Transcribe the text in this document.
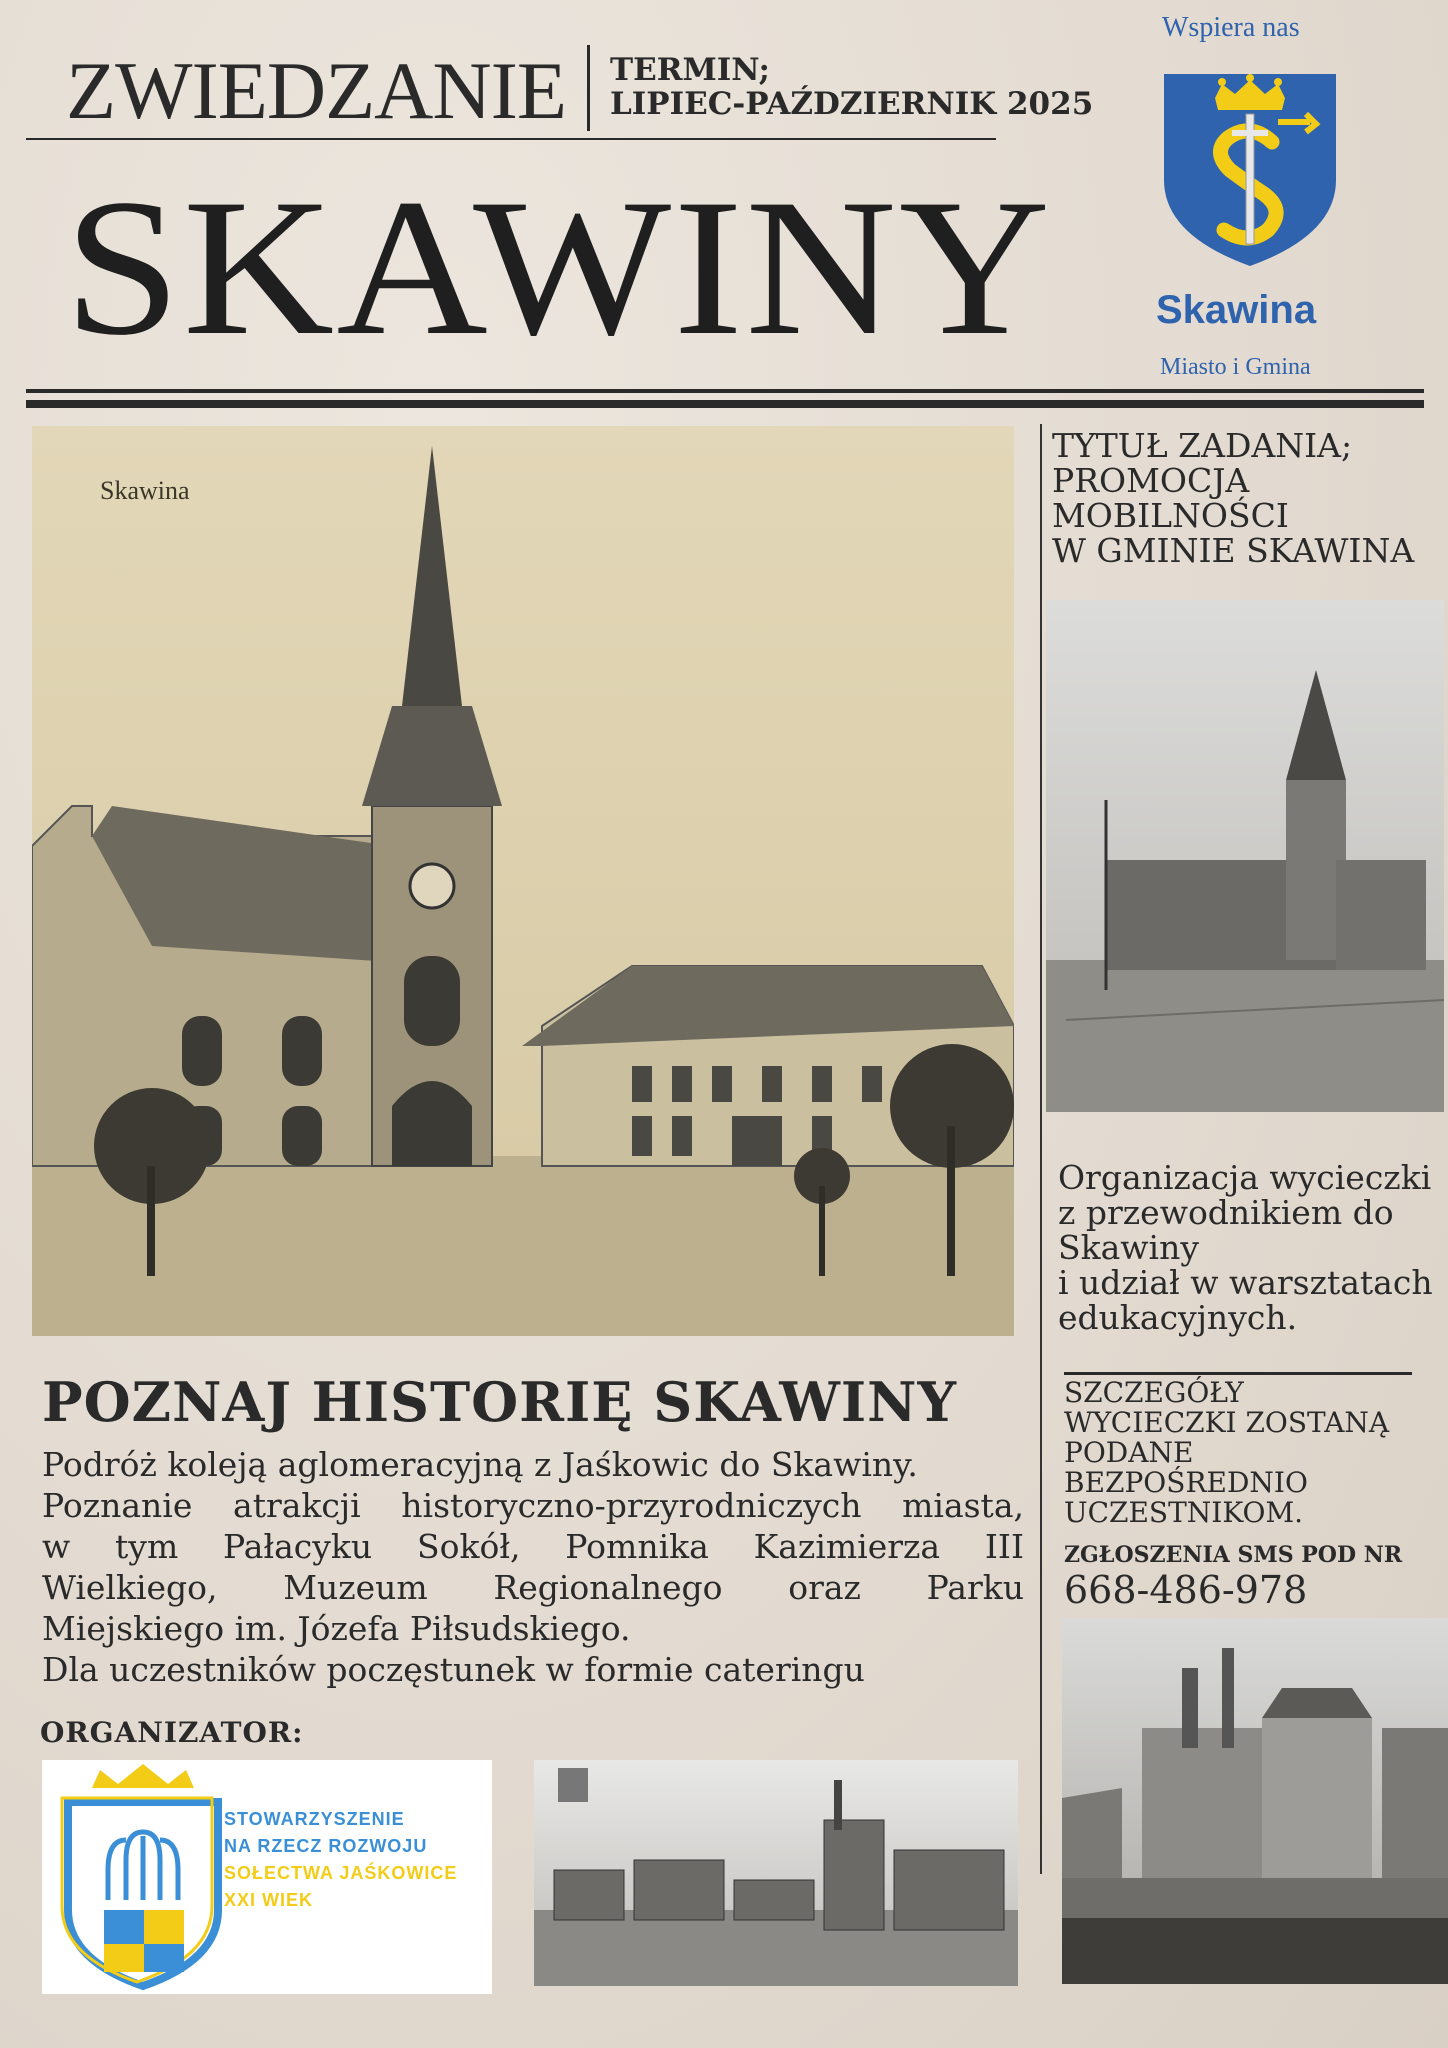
ZWIEDZANIE TERMIN;
LIPIEC-PAŹDZIERNIK 2025
SKAWINY
Wspiera nas
Skawina
Miasto i Gmina
Skawina
TYTUŁ ZADANIA;
PROMOCJA
MOBILNOŚCI
W GMINIE SKAWINA
Organizacja wycieczki
z przewodnikiem do
Skawiny
i udział w warsztatach
edukacyjnych.
SZCZEGÓŁY
WYCIECZKI ZOSTANĄ
PODANE
BEZPOŚREDNIO
UCZESTNIKOM.
ZGŁOSZENIA SMS POD NR
668-486-978
POZNAJ HISTORIĘ SKAWINY
Podróż koleją aglomeracyjną z Jaśkowic do Skawiny.
Poznanie atrakcji historyczno-przyrodniczych miasta,
w tym Pałacyku Sokół, Pomnika Kazimierza III
Wielkiego, Muzeum Regionalnego oraz Parku
Miejskiego im. Józefa Piłsudskiego.
Dla uczestników poczęstunek w formie cateringu
ORGANIZATOR:
STOWARZYSZENIE
NA RZECZ ROZWOJU
SOŁECTWA JAŚKOWICE
XXI WIEK
